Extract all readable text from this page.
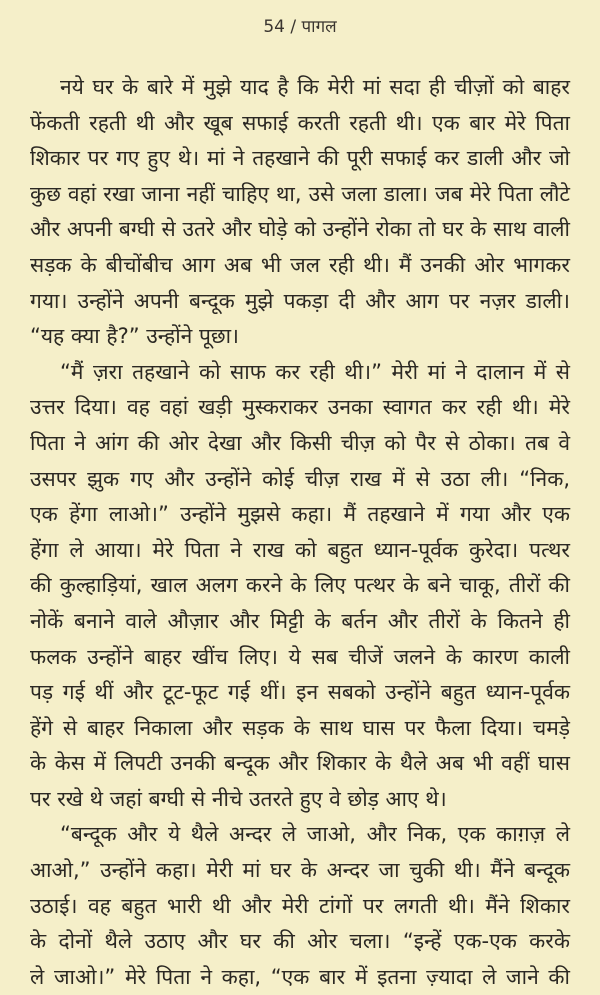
54 / पागल
नये घर के बारे में मुझे याद है कि मेरी मां सदा ही चीज़ों को बाहर
फेंकती रहती थी और खूब सफाई करती रहती थी। एक बार मेरे पिता
शिकार पर गए हुए थे। मां ने तहखाने की पूरी सफाई कर डाली और जो
कुछ वहां रखा जाना नहीं चाहिए था, उसे जला डाला। जब मेरे पिता लौटे
और अपनी बग्घी से उतरे और घोड़े को उन्होंने रोका तो घर के साथ वाली
सड़क के बीचोंबीच आग अब भी जल रही थी। मैं उनकी ओर भागकर
गया। उन्होंने अपनी बन्दूक मुझे पकड़ा दी और आग पर नज़र डाली।
“यह क्या है?” उन्होंने पूछा।
“मैं ज़रा तहखाने को साफ कर रही थी।” मेरी मां ने दालान में से
उत्तर दिया। वह वहां खड़ी मुस्कराकर उनका स्वागत कर रही थी। मेरे
पिता ने आंग की ओर देखा और किसी चीज़ को पैर से ठोका। तब वे
उसपर झुक गए और उन्होंने कोई चीज़ राख में से उठा ली। “निक,
एक हेंगा लाओ।” उन्होंने मुझसे कहा। मैं तहखाने में गया और एक
हेंगा ले आया। मेरे पिता ने राख को बहुत ध्यान-पूर्वक कुरेदा। पत्थर
की कुल्हाड़ियां, खाल अलग करने के लिए पत्थर के बने चाकू, तीरों की
नोकें बनाने वाले औज़ार और मिट्टी के बर्तन और तीरों के कितने ही
फलक उन्होंने बाहर खींच लिए। ये सब चीजें जलने के कारण काली
पड़ गई थीं और टूट-फूट गई थीं। इन सबको उन्होंने बहुत ध्यान-पूर्वक
हेंगे से बाहर निकाला और सड़क के साथ घास पर फैला दिया। चमड़े
के केस में लिपटी उनकी बन्दूक और शिकार के थैले अब भी वहीं घास
पर रखे थे जहां बग्घी से नीचे उतरते हुए वे छोड़ आए थे।
“बन्दूक और ये थैले अन्दर ले जाओ, और निक, एक काग़ज़ ले
आओ,” उन्होंने कहा। मेरी मां घर के अन्दर जा चुकी थी। मैंने बन्दूक
उठाई। वह बहुत भारी थी और मेरी टांगों पर लगती थी। मैंने शिकार
के दोनों थैले उठाए और घर की ओर चला। “इन्हें एक-एक करके
ले जाओ।” मेरे पिता ने कहा, “एक बार में इतना ज़्यादा ले जाने की
